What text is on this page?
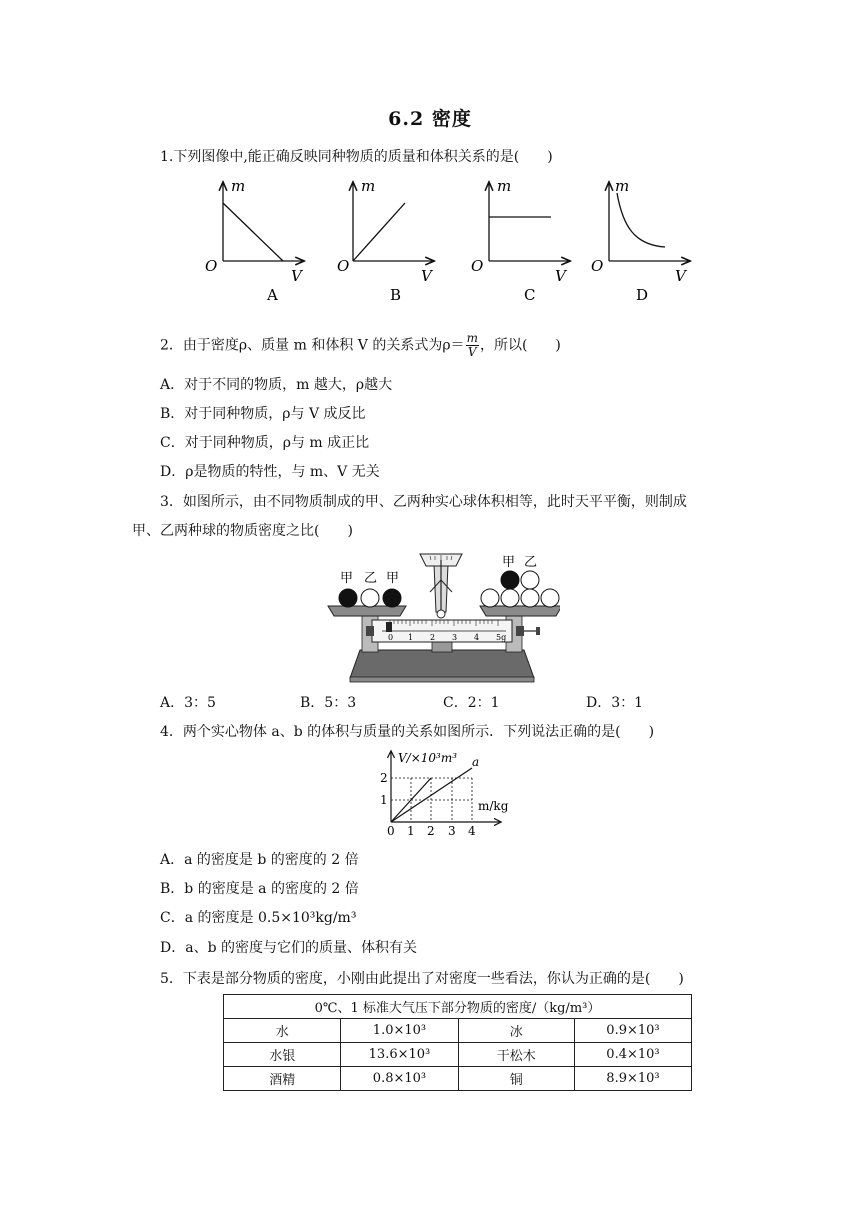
6.2 密度
1.下列图像中,能正确反映同种物质的质量和体积关系的是(　　)
m
O
V
A
m
O
V
B
m
O
V
C
m
O
V
D
2．由于密度ρ、质量 m 和体积 V 的关系式为$\rho= \frac{m}{V}$ ，所以(　　)
A．对于不同的物质，m 越大，ρ越大
B．对于同种物质，ρ与 V 成反比
C．对于同种物质，ρ与 m 成正比
D．ρ是物质的特性，与 m、V 无关
3．如图所示，由不同物质制成的甲、乙两种实心球体积相等，此时天平平衡，则制成
甲、乙两种球的物质密度之比(　　)
0 1 2 3 4 5g
甲 乙 甲
甲 乙
A．3：5	B．5：3	C．2：1	D．3：1
4．两个实心物体 a、b 的体积与质量的关系如图所示．下列说法正确的是(　　)
V/×10³m³ a
m/kg
2
1
0 1 2 3 4
A．a 的密度是 b 的密度的 2 倍
B．b 的密度是 a 的密度的 2 倍
C．a 的密度是 0.5×10³kg/m³
D．a、b 的密度与它们的质量、体积有关
5．下表是部分物质的密度，小刚由此提出了对密度一些看法，你认为正确的是(　　)
0℃、1 标准大气压下部分物质的密度/（kg/m³）			
水	1.0×10³	冰	0.9×10³
水银	13.6×10³	干松木	0.4×10³
酒精	0.8×10³	铜	8.9×10³
